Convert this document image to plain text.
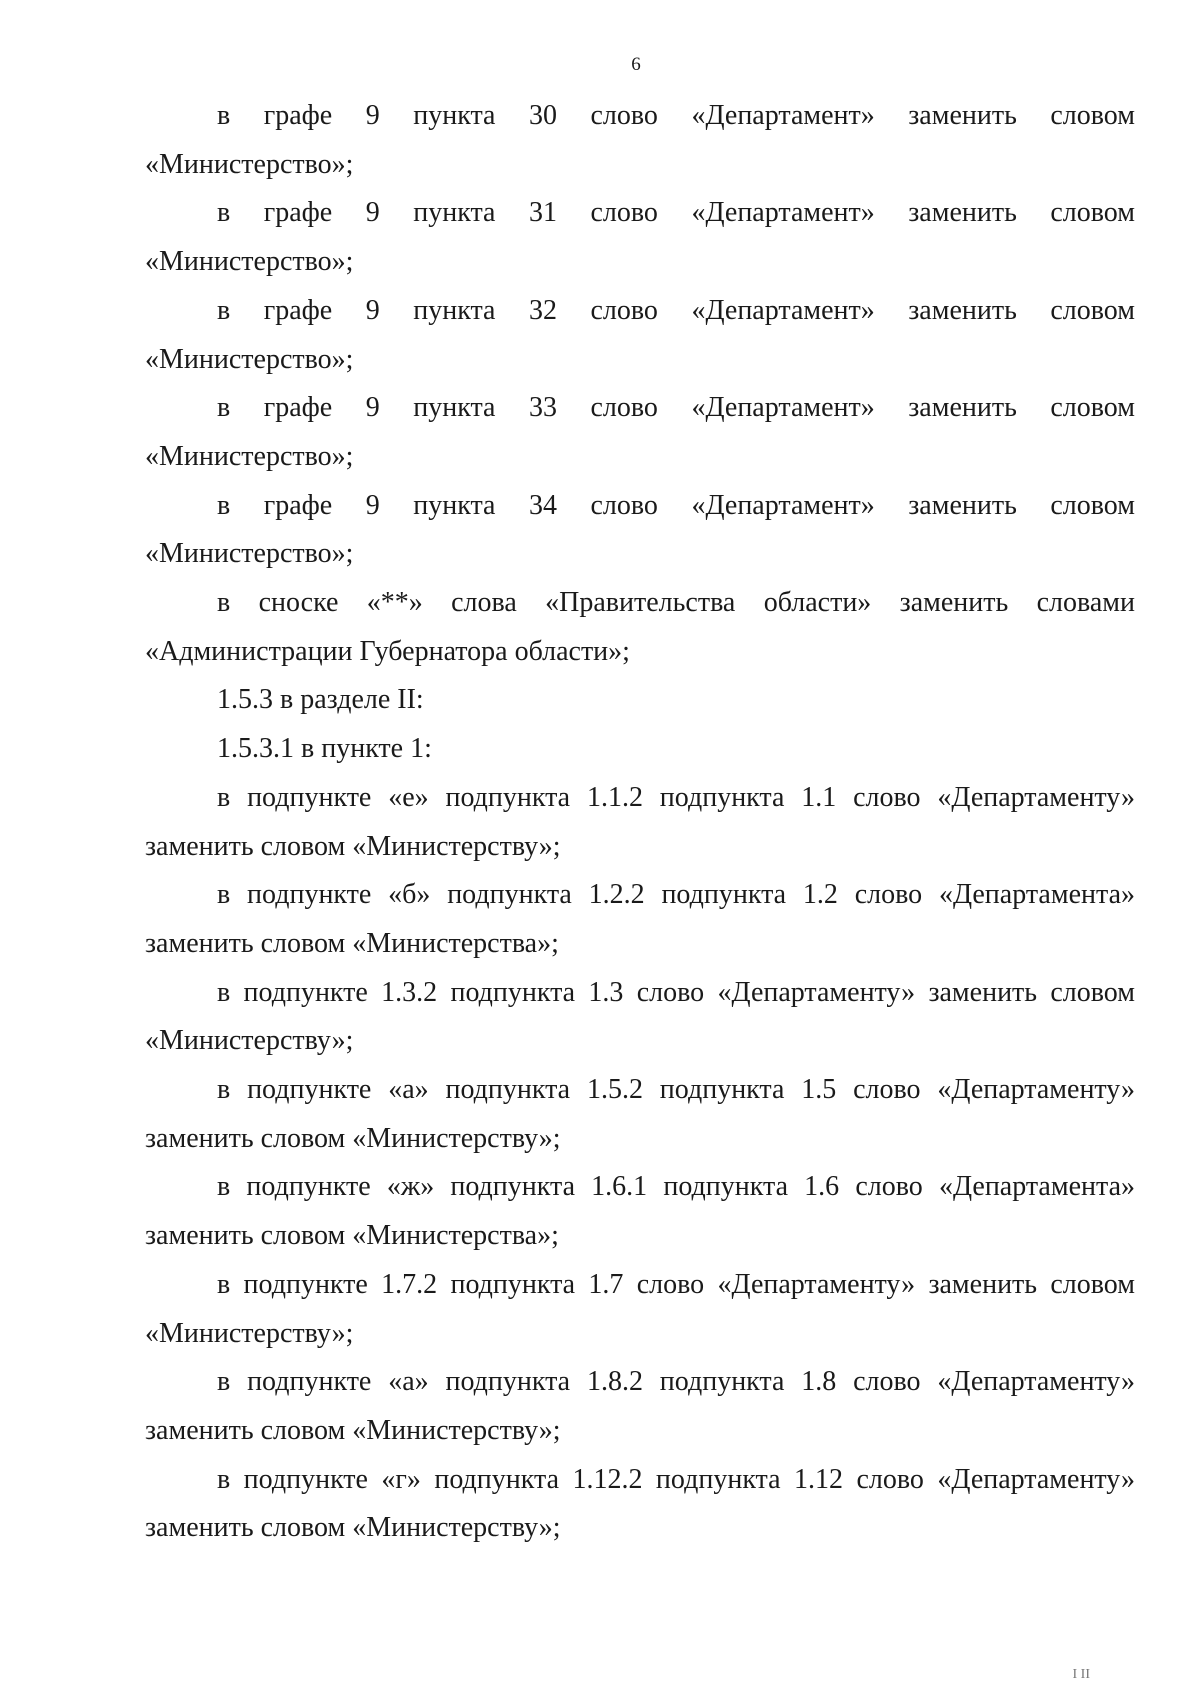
6

в графе 9 пункта 30 слово «Департамент» заменить словом «Министерство»;

в графе 9 пункта 31 слово «Департамент» заменить словом «Министерство»;

в графе 9 пункта 32 слово «Департамент» заменить словом «Министерство»;

в графе 9 пункта 33 слово «Департамент» заменить словом «Министерство»;

в графе 9 пункта 34 слово «Департамент» заменить словом «Министерство»;

в сноске «**» слова «Правительства области» заменить словами «Администрации Губернатора области»;

1.5.3 в разделе II:

1.5.3.1 в пункте 1:

в подпункте «е» подпункта 1.1.2 подпункта 1.1 слово «Департаменту» заменить словом «Министерству»;

в подпункте «б» подпункта 1.2.2 подпункта 1.2 слово «Департамента» заменить словом «Министерства»;

в подпункте 1.3.2 подпункта 1.3 слово «Департаменту» заменить словом «Министерству»;

в подпункте «а» подпункта 1.5.2 подпункта 1.5 слово «Департаменту» заменить словом «Министерству»;

в подпункте «ж» подпункта 1.6.1 подпункта 1.6 слово «Департамента» заменить словом «Министерства»;

в подпункте 1.7.2 подпункта 1.7 слово «Департаменту» заменить словом «Министерству»;

в подпункте «а» подпункта 1.8.2 подпункта 1.8 слово «Департаменту» заменить словом «Министерству»;

в подпункте «г» подпункта 1.12.2 подпункта 1.12 слово «Департаменту» заменить словом «Министерству»;

I II
